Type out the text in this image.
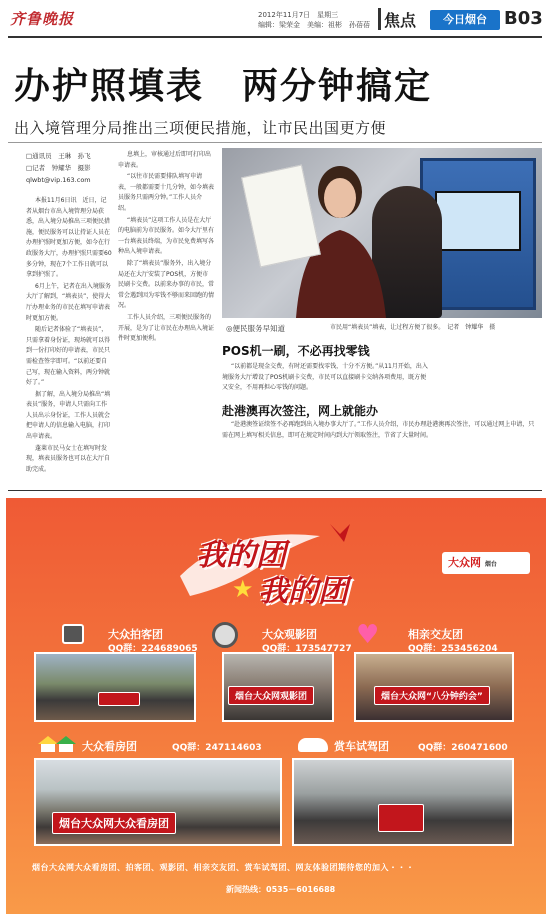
齐鲁晚报	2012年11月7日　星期三
编辑：梁荣金　美编：祖彬　孙蓓蓓 焦点	今日烟台 B03
办护照填表　两分钟搞定
出入境管理分局推出三项便民措施，让市民出国更方便
□通讯员　王琳　孙飞
□记者　钟耀华　摄影
qlwbt@vip.163.com

本报11月6日讯　近日，记者从烟台市出入境管理分局获悉，出入境分局推出三项便民措施，便民服务可以让持证人员在办理护照时更加方便，如今在行政服务大厅，办理护照只需要60多分钟，现在7个工作日就可以拿到护照了。

6月上午，记者在出入境服务大厅了解到，“填表员”，使得大厅办理业务的市民在填写申请表时更加方便。

随后记者体验了“填表员”，只需拿着身份证，现场就可以得到一份打印好的申请表，市民只需检查签字即可。“以前还要自己写，现在输入资料，两分钟就好了。”

据了解，出入境分局推出“填表员”服务，申请人只需向工作人员出示身份证，工作人员就会把申请人的信息输入电脑，打印出申请表。

蓬莱市民马女士在填写时发现，填表员服务也可以在大厅自助完成。

息填上，审核通过后即可打印出申请表。

“以往市民需要排队填写申请表，一般都需要十几分钟，如今填表员服务只需两分钟。”工作人员介绍。

“填表员”这项工作人员是在大厅的电脑前为市民服务。如今大厅里有一台填表员终端，为市民免费填写各种出入境申请表。

除了“填表员”服务外，出入境分局还在大厅安装了POS机，方便市民刷卡交费。以前来办事的市民，常常会遇到因为零钱不够而来回跑的情况。

工作人员介绍，三项便民服务的开展，是为了让市民在办理出入境证件时更加便利。

◎便民服务早知道	市民用“填表员”填表，让过程方便了很多。　记者　钟耀华　摄
POS机一刷，不必再找零钱

“以前都是现金交费，有时还需要找零钱，十分不方便。”从11月开始，出入境服务大厅增设了POS机刷卡交费，市民可以直接刷卡交纳各项费用，既方便又安全，不用再担心零钱的问题。

赴港澳再次签注，网上就能办

“赴港澳签证续签不必再跑到出入境办事大厅了。”工作人员介绍，市民办理赴港澳再次签注，可以通过网上申请，只需在网上填写相关信息，即可在规定时间内到大厅领取签注，节省了大量时间。

我的团
我的团
★
大众网 烟台
大众拍客团
QQ群：224689065
大众观影团
QQ群：173547727 ♥	相亲交友团
QQ群：253456204
烟台大众网观影团	烟台大众网“八分钟约会”
大众看房团	QQ群：247114603	赏车试驾团	QQ群：260471600
烟台大众网大众看房团
烟台大众网大众看房团、拍客团、观影团、相亲交友团、赏车试驾团、网友体验团期待您的加入・・・
新闻热线：0535－6016688
